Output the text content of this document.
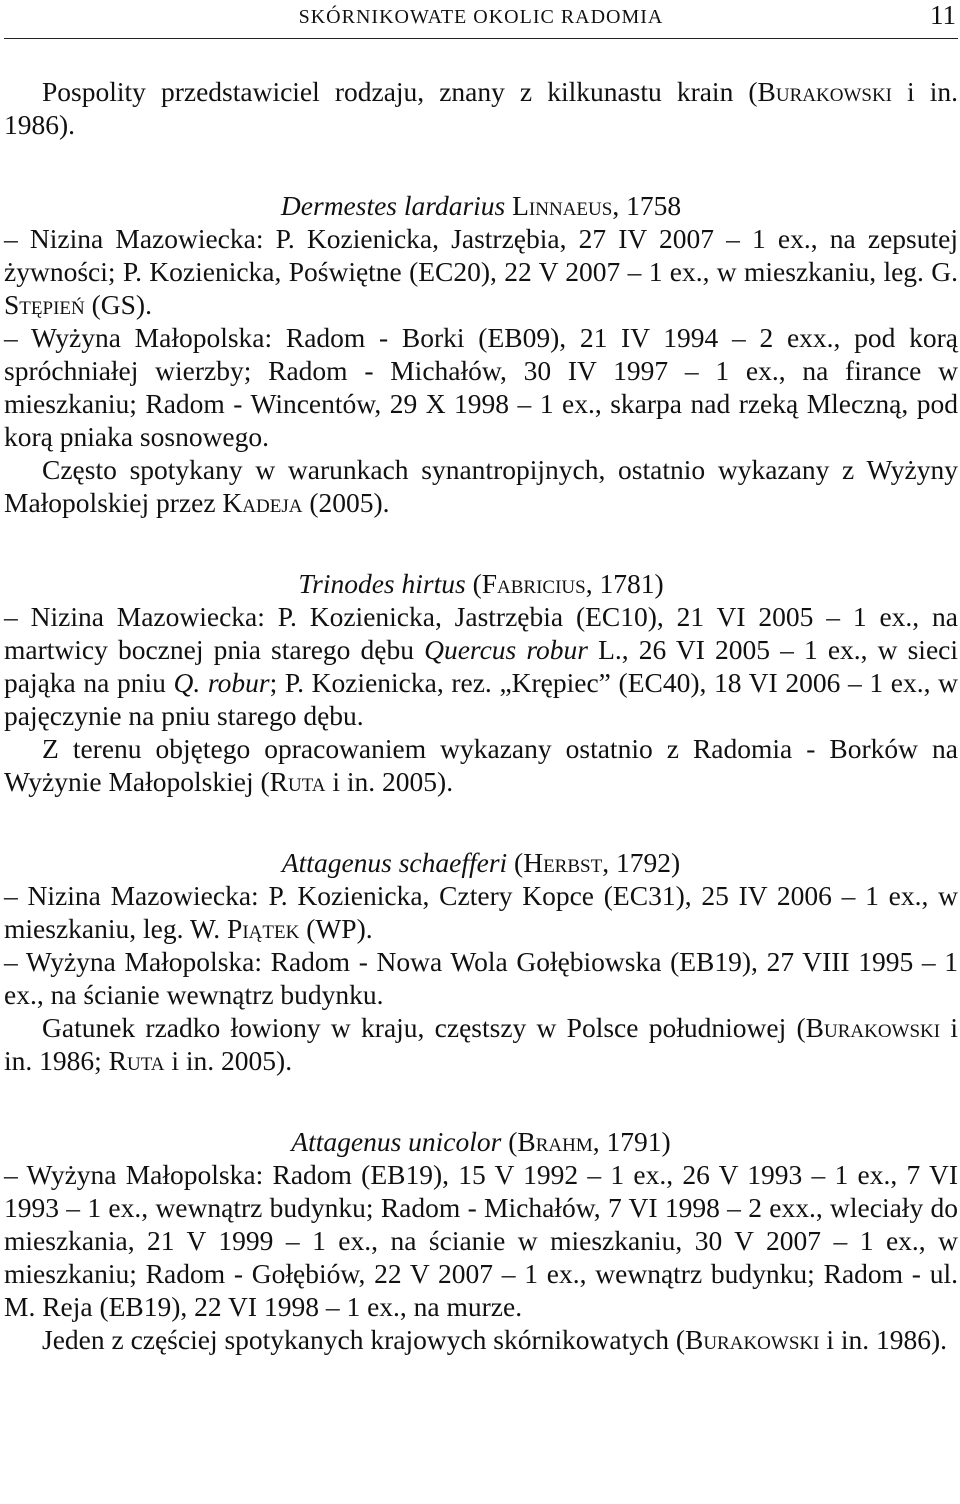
SKÓRNIKOWATE OKOLIC RADOMIA	11

Pospolity przedstawiciel rodzaju, znany z kilkunastu krain (Burakowski i in. 1986).

Dermestes lardarius Linnaeus, 1758

– Nizina Mazowiecka: P. Kozienicka, Jastrzębia, 27 IV 2007 – 1 ex., na zepsutej żywności; P. Kozienicka, Poświętne (EC20), 22 V 2007 – 1 ex., w mieszkaniu, leg. G. Stępień (GS).

– Wyżyna Małopolska: Radom - Borki (EB09), 21 IV 1994 – 2 exx., pod korą spróchniałej wierzby; Radom - Michałów, 30 IV 1997 – 1 ex., na firance w mieszkaniu; Radom - Wincentów, 29 X 1998 – 1 ex., skarpa nad rzeką Mleczną, pod korą pniaka sosnowego.

Często spotykany w warunkach synantropijnych, ostatnio wykazany z Wyżyny Małopolskiej przez Kadeja (2005).

Trinodes hirtus (Fabricius, 1781)

– Nizina Mazowiecka: P. Kozienicka, Jastrzębia (EC10), 21 VI 2005 – 1 ex., na martwicy bocznej pnia starego dębu Quercus robur L., 26 VI 2005 – 1 ex., w sieci pająka na pniu Q. robur; P. Kozienicka, rez. „Krępiec” (EC40), 18 VI 2006 – 1 ex., w pajęczynie na pniu starego dębu.

Z terenu objętego opracowaniem wykazany ostatnio z Radomia - Borków na Wyżynie Małopolskiej (Ruta i in. 2005).

Attagenus schaefferi (Herbst, 1792)

– Nizina Mazowiecka: P. Kozienicka, Cztery Kopce (EC31), 25 IV 2006 – 1 ex., w mieszkaniu, leg. W. Piątek (WP).

– Wyżyna Małopolska: Radom - Nowa Wola Gołębiowska (EB19), 27 VIII 1995 – 1 ex., na ścianie wewnątrz budynku.

Gatunek rzadko łowiony w kraju, częstszy w Polsce południowej (Burakowski i in. 1986; Ruta i in. 2005).

Attagenus unicolor (Brahm, 1791)

– Wyżyna Małopolska: Radom (EB19), 15 V 1992 – 1 ex., 26 V 1993 – 1 ex., 7 VI 1993 – 1 ex., wewnątrz budynku; Radom - Michałów, 7 VI 1998 – 2 exx., wleciały do mieszkania, 21 V 1999 – 1 ex., na ścianie w mieszkaniu, 30 V 2007 – 1 ex., w mieszkaniu; Radom - Gołębiów, 22 V 2007 – 1 ex., wewnątrz budynku; Radom - ul. M. Reja (EB19), 22 VI 1998 – 1 ex., na murze.

Jeden z częściej spotykanych krajowych skórnikowatych (Burakowski i in. 1986).
